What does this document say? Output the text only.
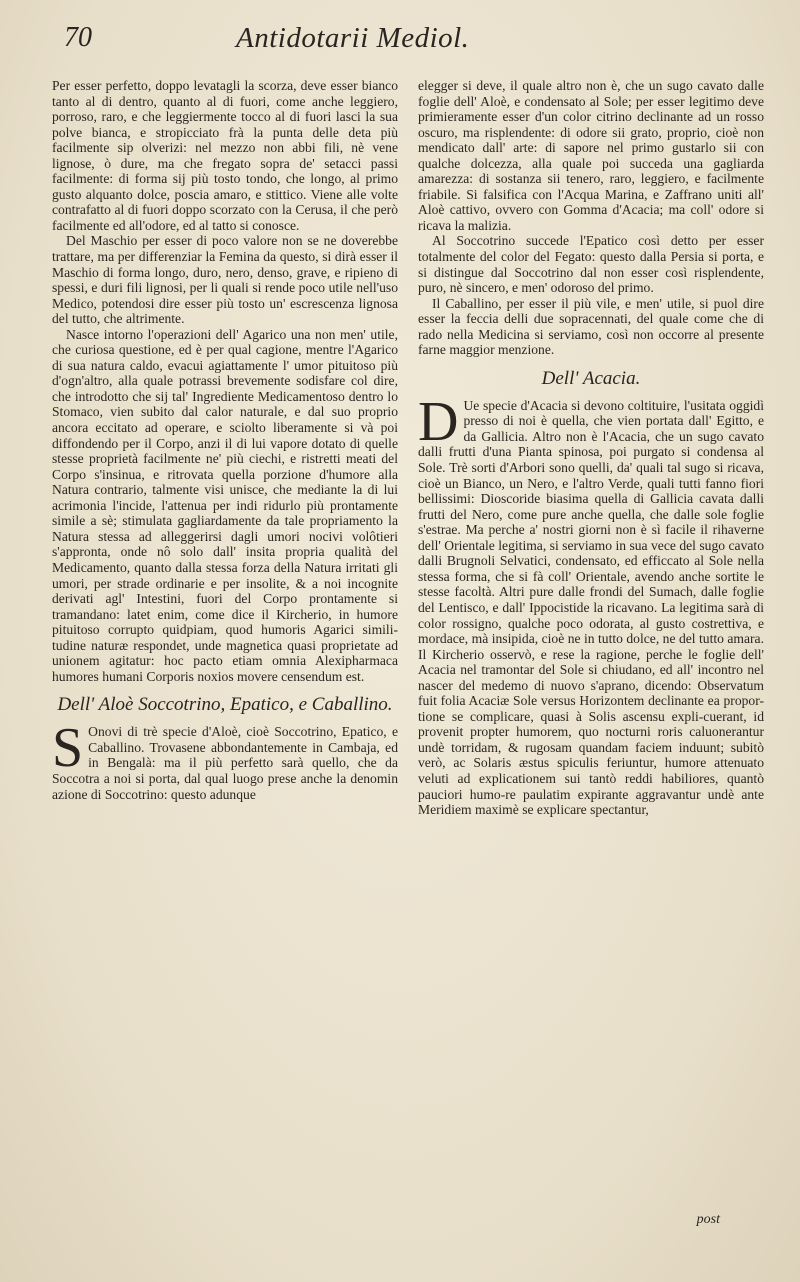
70	Antidotarii Mediol.

Per esser perfetto, doppo levatagli la scorza, deve esser bianco tanto al di dentro, quanto al di fuori, come anche leggiero, porroso, raro, e che leggiermente tocco al di fuori lasci la sua polve bianca, e stropicciato frà la punta delle deta più facilmente sip olverizi: nel mezzo non abbi fili, nè vene lignose, ò dure, ma che fregato sopra de' setacci passi facilmente: di forma sij più tosto tondo, che longo, al primo gusto alquanto dolce, poscia amaro, e stittico. Viene alle volte contrafatto al di fuori doppo scorzato con la Cerusa, il che però facilmente ed all'odore, ed al tatto si conosce.

Del Maschio per esser di poco valore non se ne doverebbe trattare, ma per differenziar la Femina da questo, si dirà esser il Maschio di forma longo, duro, nero, denso, grave, e ripieno di spessi, e duri fili lignosi, per li quali si rende poco utile nell'uso Medico, potendosi dire esser più tosto un' escrescenza lignosa del tutto, che altrimente.

Nasce intorno l'operazioni dell' Agarico una non men' utile, che curiosa questione, ed è per qual cagione, mentre l'Agarico di sua natura caldo, evacui agiattamente l' umor pituitoso più d'ogn'altro, alla quale potrassi brevemente sodisfare col dire, che introdotto che sij tal' Ingrediente Medicamentoso dentro lo Stomaco, vien subito dal calor naturale, e dal suo proprio ancora eccitato ad operare, e sciolto liberamente si và poi diffondendo per il Corpo, anzi il di lui vapore dotato di quelle stesse proprietà facilmente ne' più ciechi, e ristretti meati del Corpo s'insinua, e ritrovata quella porzione d'humore alla Natura contrario, talmente visi unisce, che mediante la di lui acrimonia l'incide, l'attenua per indi ridurlo più prontamente simile a sè; stimulata gagliardamente da tale propriamento la Natura stessa ad alleggerirsi dagli umori nocivi volôtieri s'appronta, onde nô solo dall' insita propria qualità del Medicamento, quanto dalla stessa forza della Natura irritati gli umori, per strade ordinarie e per insolite, & a noi incognite derivati agl' Intestini, fuori del Corpo prontamente si tramandano: latet enim, come dice il Kircherio, in humore pituitoso corrupto quidpiam, quod humoris Agarici simili-tudine naturæ respondet, unde magnetica quasi proprietate ad unionem agitatur: hoc pacto etiam omnia Alexipharmaca humores humani Corporis noxios movere censendum est.

Dell' Aloè Soccotrino, Epatico, e Caballino.

S Onovi di trè specie d'Aloè, cioè Soccotrino, Epatico, e Caballino. Trovasene abbondantemente in Cambaja, ed in Bengalà: ma il più perfetto sarà quello, che da Soccotra a noi si porta, dal qual luogo prese anche la denomin azione di Soccotrino: questo adunque

elegger si deve, il quale altro non è, che un sugo cavato dalle foglie dell' Aloè, e condensato al Sole; per esser legitimo deve primieramente esser d'un color citrino declinante ad un rosso oscuro, ma risplendente: di odore sii grato, proprio, cioè non mendicato dall' arte: di sapore nel primo gustarlo sii con qualche dolcezza, alla quale poi succeda una gagliarda amarezza: di sostanza sii tenero, raro, leggiero, e facilmente friabile. Si falsifica con l'Acqua Marina, e Zaffrano uniti all' Aloè cattivo, ovvero con Gomma d'Acacia; ma coll' odore si ricava la malizia.

Al Soccotrino succede l'Epatico così detto per esser totalmente del color del Fegato: questo dalla Persia si porta, e si distingue dal Soccotrino dal non esser così risplendente, puro, nè sincero, e men' odoroso del primo.

Il Caballino, per esser il più vile, e men' utile, si puol dire esser la feccia delli due sopracennati, del quale come che di rado nella Medicina si serviamo, così non occorre al presente farne maggior menzione.

Dell' Acacia.

D Ue specie d'Acacia si devono coltituire, l'usitata oggidì presso di noi è quella, che vien portata dall' Egitto, e da Gallicia. Altro non è l'Acacia, che un sugo cavato dalli frutti d'una Pianta spinosa, poi purgato si condensa al Sole. Trè sorti d'Arbori sono quelli, da' quali tal sugo si ricava, cioè un Bianco, un Nero, e l'altro Verde, quali tutti fanno fiori bellissimi: Dioscoride biasima quella di Gallicia cavata dalli frutti del Nero, come pure anche quella, che dalle sole foglie s'estrae. Ma perche a' nostri giorni non è sì facile il rihaverne dell' Orientale legitima, si serviamo in sua vece del sugo cavato dalli Brugnoli Selvatici, condensato, ed efficcato al Sole nella stessa forma, che si fà coll' Orientale, avendo anche sortite le stesse facoltà. Altri pure dalle frondi del Sumach, dalle foglie del Lentisco, e dall' Ippocistide la ricavano. La legitima sarà di color rossigno, qualche poco odorata, al gusto costrettiva, e mordace, mà insipida, cioè ne in tutto dolce, ne del tutto amara. Il Kircherio osservò, e rese la ragione, perche le foglie dell' Acacia nel tramontar del Sole si chiudano, ed all' incontro nel nascer del medemo di nuovo s'aprano, dicendo: Observatum fuit folia Acaciæ Sole versus Horizontem declinante ea propor-tione se complicare, quasi à Solis ascensu expli-cuerant, id provenit propter humorem, quo nocturni roris caluonerantur undè torridam, & rugosam quandam faciem induunt; subitò verò, ac Solaris æstus spiculis feriuntur, humore attenuato veluti ad explicationem sui tantò reddi habiliores, quantò pauciori humo-re paulatim expirante aggravantur undè ante Meridiem maximè se explicare spectantur,

post
